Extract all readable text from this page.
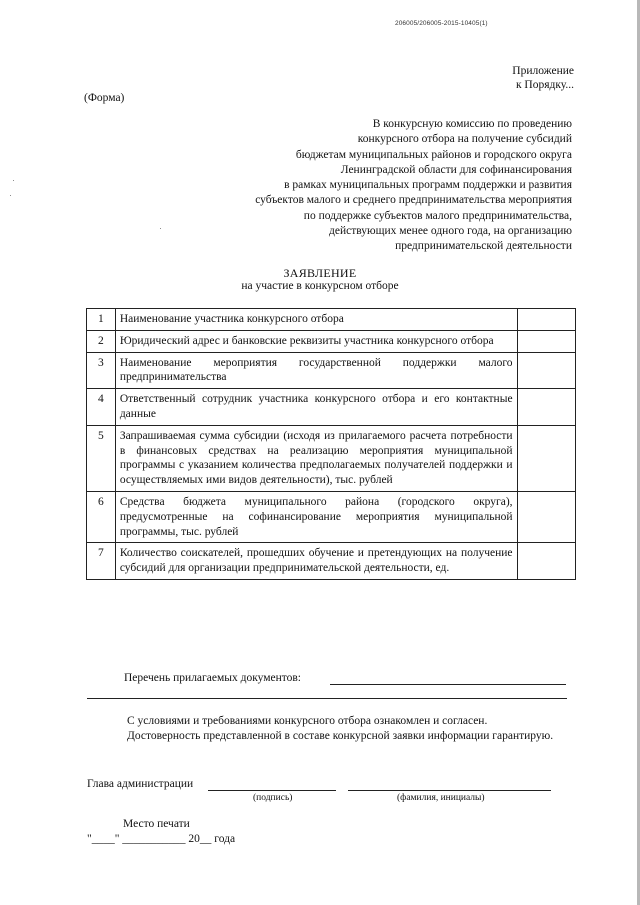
206005/206005-2015-10405(1)
Приложение
к Порядку...
(Форма)
В конкурсную комиссию по проведению
конкурсного отбора на получение субсидий
бюджетам муниципальных районов и городского округа
Ленинградской области для софинансирования
в рамках муниципальных программ поддержки и развития
субъектов малого и среднего предпринимательства мероприятия
по поддержке субъектов малого предпринимательства,
действующих менее одного года, на организацию
предпринимательской деятельности
ЗАЯВЛЕНИЕ
на участие в конкурсном отборе
1	Наименование участника конкурсного отбора	
2	Юридический адрес и банковские реквизиты участника конкурсного отбора	
3	Наименование мероприятия государственной поддержки малого предпринимательства	
4	Ответственный сотрудник участника конкурсного отбора и его контактные данные	
5	Запрашиваемая сумма субсидии (исходя из прилагаемого расчета потребности в финансовых средствах на реализацию мероприятия муниципальной программы с указанием количества предполагаемых получателей поддержки и осуществляемых ими видов деятельности), тыс. рублей	
6	Средства бюджета муниципального района (городского округа), предусмотренные на софинансирование мероприятия муниципальной программы, тыс. рублей	
7	Количество соискателей, прошедших обучение и претендующих на получение субсидий для организации предпринимательской деятельности, ед.	
Перечень прилагаемых документов:
С условиями и требованиями конкурсного отбора ознакомлен и согласен.
Достоверность представленной в составе конкурсной заявки информации гарантирую.
Глава администрации
(подпись)	(фамилия, инициалы)
Место печати
"____" ___________ 20__ года
